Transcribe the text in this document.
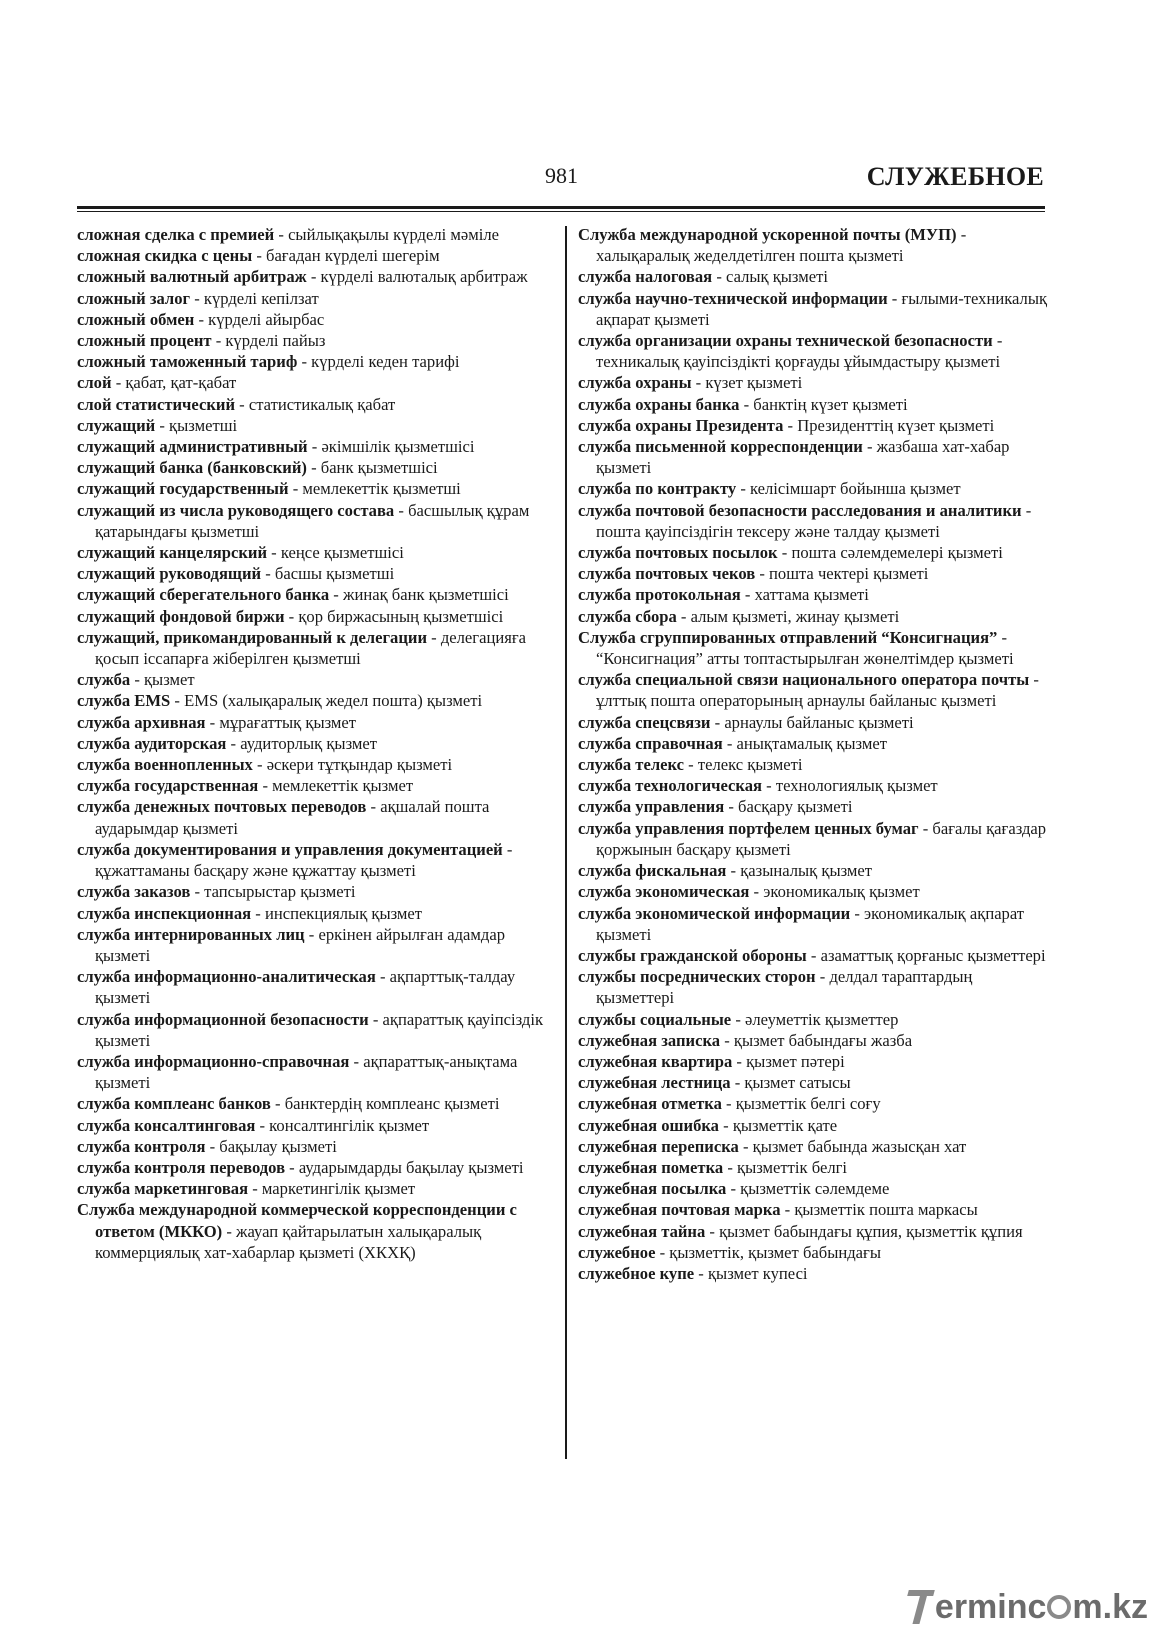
981	СЛУЖЕБНОЕ

сложная сделка с премией - сыйлықақылы күрделі мәміле

сложная скидка с цены - бағадан күрделі шегерім

сложный валютный арбитраж - күрделі валюталық арбитраж

сложный залог - күрделі кепілзат

сложный обмен - күрделі айырбас

сложный процент - күрделі пайыз

сложный таможенный тариф - күрделі кеден тарифі

слой - қабат, қат-қабат

слой статистический - статистикалық қабат

служащий - қызметші

служащий административный - әкімшілік қызметшісі

служащий банка (банковский) - банк қызметшісі

служащий государственный - мемлекеттік қызметші

служащий из числа руководящего состава - басшылық құрам қатарындағы қызметші

служащий канцелярский - кеңсе қызметшісі

служащий руководящий - басшы қызметші

служащий сберегательного банка - жинақ банк қызметшісі

служащий фондовой биржи - қор биржасының қызметшісі

служащий, прикомандированный к делегации - делегацияға қосып іссапарға жіберілген қызметші

служба - қызмет

служба EMS - EMS (халықаралық жедел пошта) қызметі

служба архивная - мұрағаттық қызмет

служба аудиторская - аудиторлық қызмет

служба военнопленных - әскери тұтқындар қызметі

служба государственная - мемлекеттік қызмет

служба денежных почтовых переводов - ақшалай пошта аударымдар қызметі

служба документирования и управления документацией - құжаттаманы басқару және құжаттау қызметі

служба заказов - тапсырыстар қызметі

служба инспекционная - инспекциялық қызмет

служба интернированных лиц - еркінен айрылған адамдар қызметі

служба информационно-аналитическая - ақпарттық-талдау қызметі

служба информационной безопасности - ақпараттық қауіпсіздік қызметі

служба информационно-справочная - ақпараттық-анықтама қызметі

служба комплеанс банков - банктердің комплеанс қызметі

служба консалтинговая - консалтингілік қызмет

служба контроля - бақылау қызметі

служба контроля переводов - аударымдарды бақылау қызметі

служба маркетинговая - маркетингілік қызмет

Служба международной коммерческой корреспонденции с ответом (МККО) - жауап қайтарылатын халықаралық коммерциялық хат-хабарлар қызметі (ХКХҚ)

Служба международной ускоренной почты (МУП) - халықаралық жеделдетілген пошта қызметі

служба налоговая - салық қызметі

служба научно-технической информации - ғылыми-техникалық ақпарат қызметі

служба организации охраны технической безопасности - техникалық қауіпсіздікті қорғауды ұйымдастыру қызметі

служба охраны - күзет қызметі

служба охраны банка - банктің күзет қызметі

служба охраны Президента - Президенттің күзет қызметі

служба письменной корреспонденции - жазбаша хат-хабар қызметі

служба по контракту - келісімшарт бойынша қызмет

служба почтовой безопасности расследования и аналитики - пошта қауіпсіздігін тексеру және талдау қызметі

служба почтовых посылок - пошта сәлемдемелері қызметі

служба почтовых чеков - пошта чектері қызметі

служба протокольная - хаттама қызметі

служба сбора - алым қызметі, жинау қызметі

Служба сгруппированных отправлений “Консигнация” - “Консигнация” атты топтастырылған жөнелтімдер қызметі

служба специальной связи национального оператора почты - ұлттық пошта операторының арнаулы байланыс қызметі

служба спецсвязи - арнаулы байланыс қызметі

служба справочная - анықтамалық қызмет

служба телекс - телекс қызметі

служба технологическая - технологиялық қызмет

служба управления - басқару қызметі

служба управления портфелем ценных бумаг - бағалы қағаздар қоржынын басқару қызметі

служба фискальная - қазыналық қызмет

служба экономическая - экономикалық қызмет

служба экономической информации - экономикалық ақпарат қызметі

службы гражданской обороны - азаматтық қорғаныс қызметтері

службы посреднических сторон - делдал тараптардың қызметтері

службы социальные - әлеуметтік қызметтер

служебная записка - қызмет бабындағы жазба

служебная квартира - қызмет пәтері

служебная лестница - қызмет сатысы

служебная отметка - қызметтік белгі соғу

служебная ошибка - қызметтік қате

служебная переписка - қызмет бабында жазысқан хат

служебная пометка - қызметтік белгі

служебная посылка - қызметтік сәлемдеме

служебная почтовая марка - қызметтік пошта маркасы

служебная тайна - қызмет бабындағы құпия, қызметтік құпия

служебное - қызметтік, қызмет бабындағы

служебное купе - қызмет купесі

erminc m.kz
